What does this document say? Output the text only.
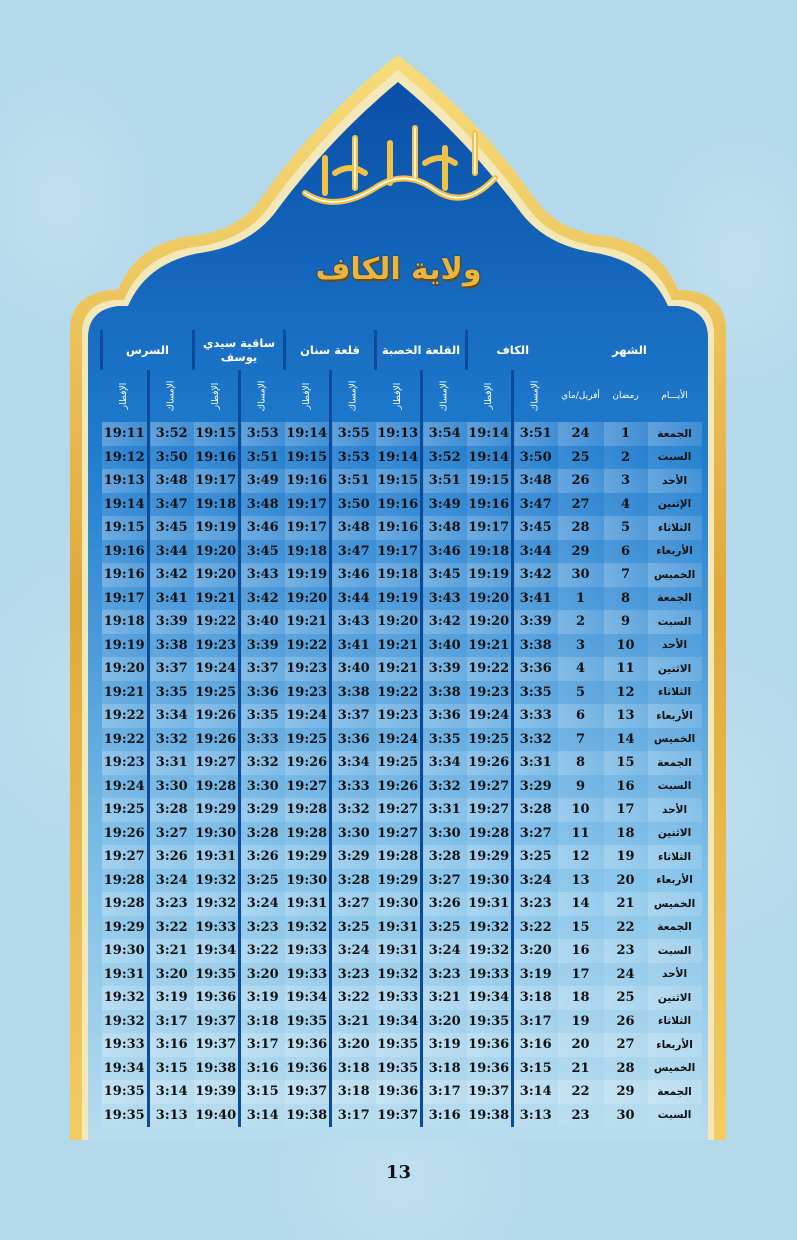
رمضان مبارك
ولاية الكاف
الشهر			الكاف		القلعة الخصبة		قلعة سنان		ساقية سيدي يوسف		السرس	
الأيـــام	رمضان	أفريل/ماي	الإمساك	الإفطار	الإمساك	الإفطار	الإمساك	الإفطار	الإمساك	الإفطار	الإمساك	الإفطار
الجمعة	1	24	3:51	19:14	3:54	19:13	3:55	19:14	3:53	19:15	3:52	19:11
السبت	2	25	3:50	19:14	3:52	19:14	3:53	19:15	3:51	19:16	3:50	19:12
الأحد	3	26	3:48	19:15	3:51	19:15	3:51	19:16	3:49	19:17	3:48	19:13
الإثنين	4	27	3:47	19:16	3:49	19:16	3:50	19:17	3:48	19:18	3:47	19:14
الثلاثاء	5	28	3:45	19:17	3:48	19:16	3:48	19:17	3:46	19:19	3:45	19:15
الأربعاء	6	29	3:44	19:18	3:46	19:17	3:47	19:18	3:45	19:20	3:44	19:16
الخميس	7	30	3:42	19:19	3:45	19:18	3:46	19:19	3:43	19:20	3:42	19:16
الجمعة	8	1	3:41	19:20	3:43	19:19	3:44	19:20	3:42	19:21	3:41	19:17
السبت	9	2	3:39	19:20	3:42	19:20	3:43	19:21	3:40	19:22	3:39	19:18
الأحد	10	3	3:38	19:21	3:40	19:21	3:41	19:22	3:39	19:23	3:38	19:19
الاثنين	11	4	3:36	19:22	3:39	19:21	3:40	19:23	3:37	19:24	3:37	19:20
الثلاثاء	12	5	3:35	19:23	3:38	19:22	3:38	19:23	3:36	19:25	3:35	19:21
الأربعاء	13	6	3:33	19:24	3:36	19:23	3:37	19:24	3:35	19:26	3:34	19:22
الخميس	14	7	3:32	19:25	3:35	19:24	3:36	19:25	3:33	19:26	3:32	19:22
الجمعة	15	8	3:31	19:26	3:34	19:25	3:34	19:26	3:32	19:27	3:31	19:23
السبت	16	9	3:29	19:27	3:32	19:26	3:33	19:27	3:30	19:28	3:30	19:24
الأحد	17	10	3:28	19:27	3:31	19:27	3:32	19:28	3:29	19:29	3:28	19:25
الاثنين	18	11	3:27	19:28	3:30	19:27	3:30	19:28	3:28	19:30	3:27	19:26
الثلاثاء	19	12	3:25	19:29	3:28	19:28	3:29	19:29	3:26	19:31	3:26	19:27
الأربعاء	20	13	3:24	19:30	3:27	19:29	3:28	19:30	3:25	19:32	3:24	19:28
الخميس	21	14	3:23	19:31	3:26	19:30	3:27	19:31	3:24	19:32	3:23	19:28
الجمعة	22	15	3:22	19:32	3:25	19:31	3:25	19:32	3:23	19:33	3:22	19:29
السبت	23	16	3:20	19:32	3:24	19:31	3:24	19:33	3:22	19:34	3:21	19:30
الأحد	24	17	3:19	19:33	3:23	19:32	3:23	19:33	3:20	19:35	3:20	19:31
الاثنين	25	18	3:18	19:34	3:21	19:33	3:22	19:34	3:19	19:36	3:19	19:32
الثلاثاء	26	19	3:17	19:35	3:20	19:34	3:21	19:35	3:18	19:37	3:17	19:32
الأربعاء	27	20	3:16	19:36	3:19	19:35	3:20	19:36	3:17	19:37	3:16	19:33
الخميس	28	21	3:15	19:36	3:18	19:35	3:18	19:36	3:16	19:38	3:15	19:34
الجمعة	29	22	3:14	19:37	3:17	19:36	3:18	19:37	3:15	19:39	3:14	19:35
السبت	30	23	3:13	19:38	3:16	19:37	3:17	19:38	3:14	19:40	3:13	19:35
13
